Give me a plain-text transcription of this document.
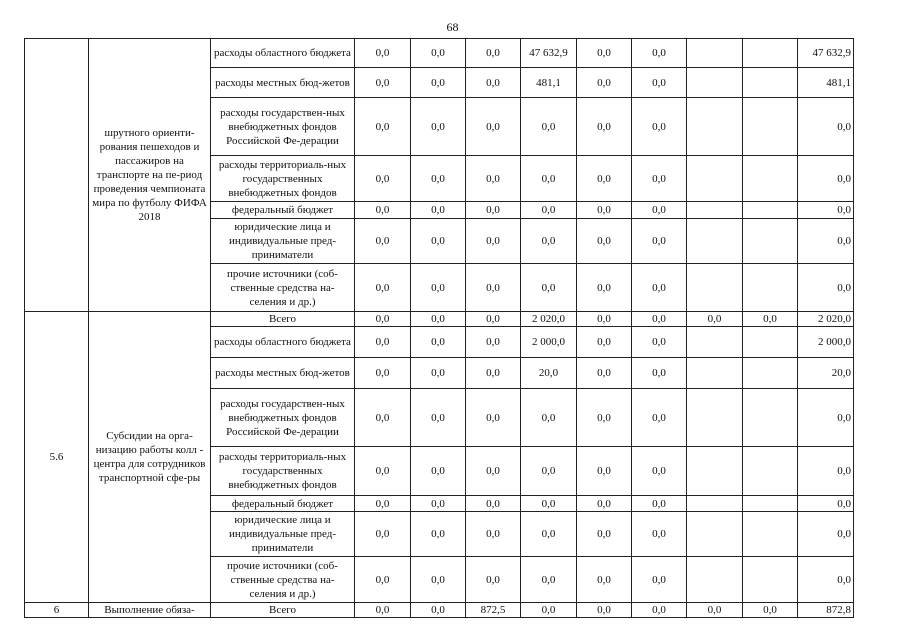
68
	шрутного ориенти-рования пешеходов и пассажиров на транспорте на пе-риод проведения чемпионата мира по футболу ФИФА 2018	расходы областного бюджета	0,0	0,0	0,0	47 632,9	0,0	0,0			47 632,9
		расходы местных бюд-жетов	0,0	0,0	0,0	481,1	0,0	0,0			481,1
		расходы государствен-ных внебюджетных фондов Российской Фе-дерации	0,0	0,0	0,0	0,0	0,0	0,0			0,0
		расходы территориаль-ных государственных внебюджетных фондов	0,0	0,0	0,0	0,0	0,0	0,0			0,0
		федеральный бюджет	0,0	0,0	0,0	0,0	0,0	0,0			0,0
		юридические лица и индивидуальные пред-приниматели	0,0	0,0	0,0	0,0	0,0	0,0			0,0
		прочие источники (соб-ственные средства на-селения и др.)	0,0	0,0	0,0	0,0	0,0	0,0			0,0
5.6	Субсидии на орга-низацию работы колл - центра для сотрудников транспортной сфе-ры	Всего	0,0	0,0	0,0	2 020,0	0,0	0,0	0,0	0,0	2 020,0
		расходы областного бюджета	0,0	0,0	0,0	2 000,0	0,0	0,0			2 000,0
		расходы местных бюд-жетов	0,0	0,0	0,0	20,0	0,0	0,0			20,0
		расходы государствен-ных внебюджетных фондов Российской Фе-дерации	0,0	0,0	0,0	0,0	0,0	0,0			0,0
		расходы территориаль-ных государственных внебюджетных фондов	0,0	0,0	0,0	0,0	0,0	0,0			0,0
		федеральный бюджет	0,0	0,0	0,0	0,0	0,0	0,0			0,0
		юридические лица и индивидуальные пред-приниматели	0,0	0,0	0,0	0,0	0,0	0,0			0,0
		прочие источники (соб-ственные средства на-селения и др.)	0,0	0,0	0,0	0,0	0,0	0,0			0,0
6	Выполнение обяза-	Всего	0,0	0,0	872,5	0,0	0,0	0,0	0,0	0,0	872,8
